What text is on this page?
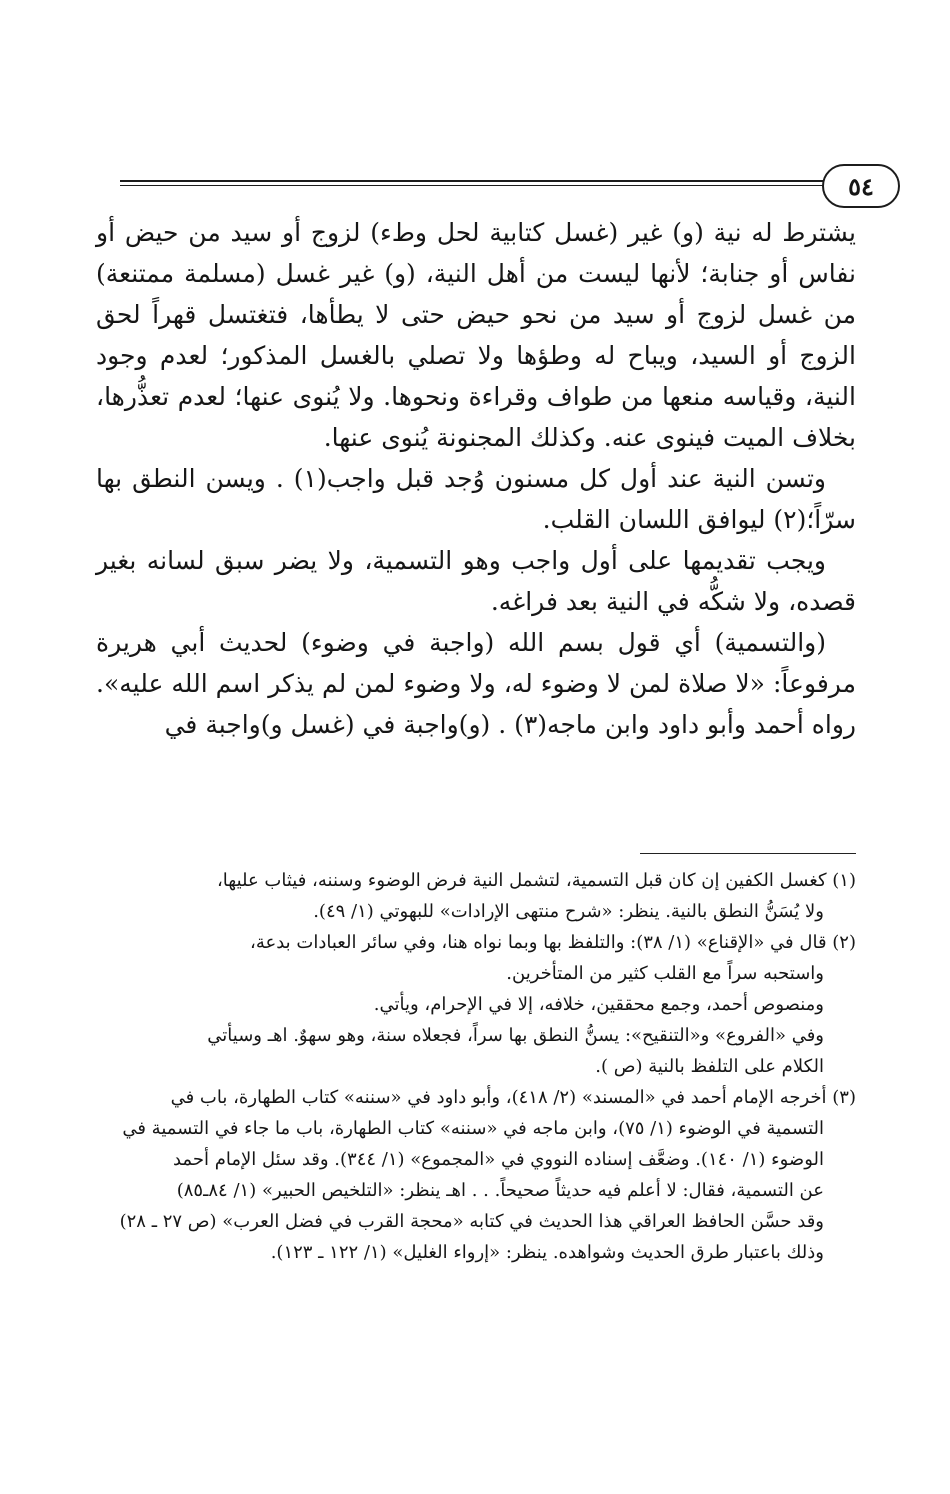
٥٤

يشترط له نية (و) غير (غسل كتابية لحل وطء) لزوج أو سيد من حيض أو نفاس أو جنابة؛ لأنها ليست من أهل النية، (و) غير غسل (مسلمة ممتنعة) من غسل لزوج أو سيد من نحو حيض حتى لا يطأها، فتغتسل قهراً لحق الزوج أو السيد، ويباح له وطؤها ولا تصلي بالغسل المذكور؛ لعدم وجود النية، وقياسه منعها من طواف وقراءة ونحوها. ولا يُنوى عنها؛ لعدم تعذُّرها، بخلاف الميت فينوى عنه. وكذلك المجنونة يُنوى عنها.

وتسن النية عند أول كل مسنون وُجد قبل واجب(١) . ويسن النطق بها سرّاً؛(٢) ليوافق اللسان القلب.

ويجب تقديمها على أول واجب وهو التسمية، ولا يضر سبق لسانه بغير قصده، ولا شكُّه في النية بعد فراغه.

(والتسمية) أي قول بسم الله (واجبة في وضوء) لحديث أبي هريرة مرفوعاً: «لا صلاة لمن لا وضوء له، ولا وضوء لمن لم يذكر اسم الله عليه». رواه أحمد وأبو داود وابن ماجه(٣) . (و)واجبة في (غسل و)واجبة في

(١) كغسل الكفين إن كان قبل التسمية، لتشمل النية فرض الوضوء وسننه، فيثاب عليها،

ولا يُسَنُّ النطق بالنية. ينظر: «شرح منتهى الإرادات» للبهوتي (١/ ٤٩).

(٢) قال في «الإقناع» (١/ ٣٨): والتلفظ بها وبما نواه هنا، وفي سائر العبادات بدعة،

واستحبه سراً مع القلب كثير من المتأخرين.

ومنصوص أحمد، وجمع محققين، خلافه، إلا في الإحرام، ويأتي.

وفي «الفروع» و«التنقيح»: يسنُّ النطق بها سراً، فجعلاه سنة، وهو سهوٌ. اهـ وسيأتي

الكلام على التلفظ بالنية (ص ).

(٣) أخرجه الإمام أحمد في «المسند» (٢/ ٤١٨)، وأبو داود في «سننه» كتاب الطهارة، باب في

التسمية في الوضوء (١/ ٧٥)، وابن ماجه في «سننه» كتاب الطهارة، باب ما جاء في التسمية في

الوضوء (١/ ١٤٠). وضعَّف إسناده النووي في «المجموع» (١/ ٣٤٤). وقد سئل الإمام أحمد

عن التسمية، فقال: لا أعلم فيه حديثاً صحيحاً. . . اهـ ينظر: «التلخيص الحبير» (١/ ٨٤ـ٨٥)

وقد حسَّن الحافظ العراقي هذا الحديث في كتابه «محجة القرب في فضل العرب» (ص ٢٧ ـ ٢٨)

وذلك باعتبار طرق الحديث وشواهده. ينظر: «إرواء الغليل» (١/ ١٢٢ ـ ١٢٣).
